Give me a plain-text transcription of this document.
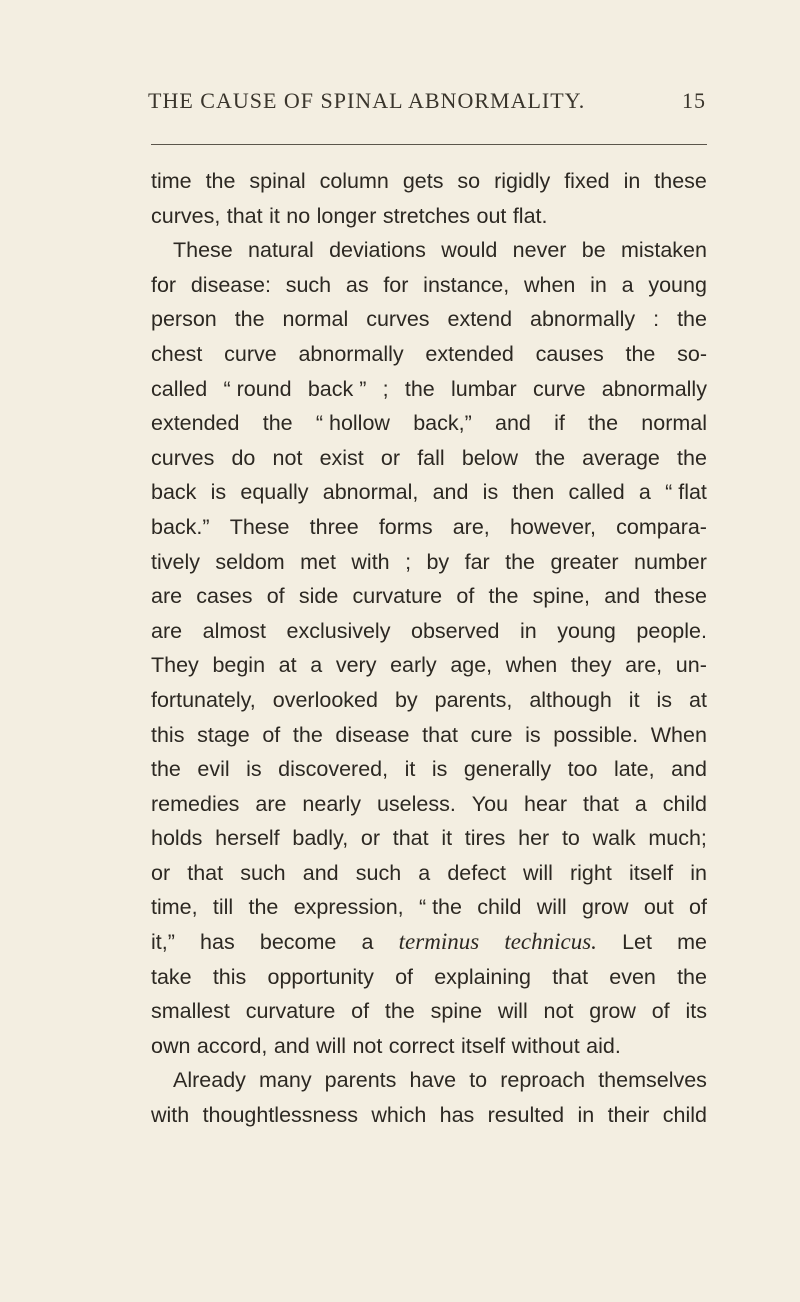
THE CAUSE OF SPINAL ABNORMALITY.	15
time the spinal column gets so rigidly fixed in these
curves, that it no longer stretches out flat.
These natural deviations would never be mistaken
for disease: such as for instance, when in a young
person the normal curves extend abnormally : the
chest curve abnormally extended causes the so-
called “ round back ” ; the lumbar curve abnormally
extended the “ hollow back,” and if the normal
curves do not exist or fall below the average the
back is equally abnormal, and is then called a “ flat
back.” These three forms are, however, compara-
tively seldom met with ; by far the greater number
are cases of side curvature of the spine, and these
are almost exclusively observed in young people.
They begin at a very early age, when they are, un-
fortunately, overlooked by parents, although it is at
this stage of the disease that cure is possible. When
the evil is discovered, it is generally too late, and
remedies are nearly useless. You hear that a child
holds herself badly, or that it tires her to walk much;
or that such and such a defect will right itself in
time, till the expression, “ the child will grow out of
it,” has become a terminus technicus. Let me
take this opportunity of explaining that even the
smallest curvature of the spine will not grow of its
own accord, and will not correct itself without aid.
Already many parents have to reproach themselves
with thoughtlessness which has resulted in their child
